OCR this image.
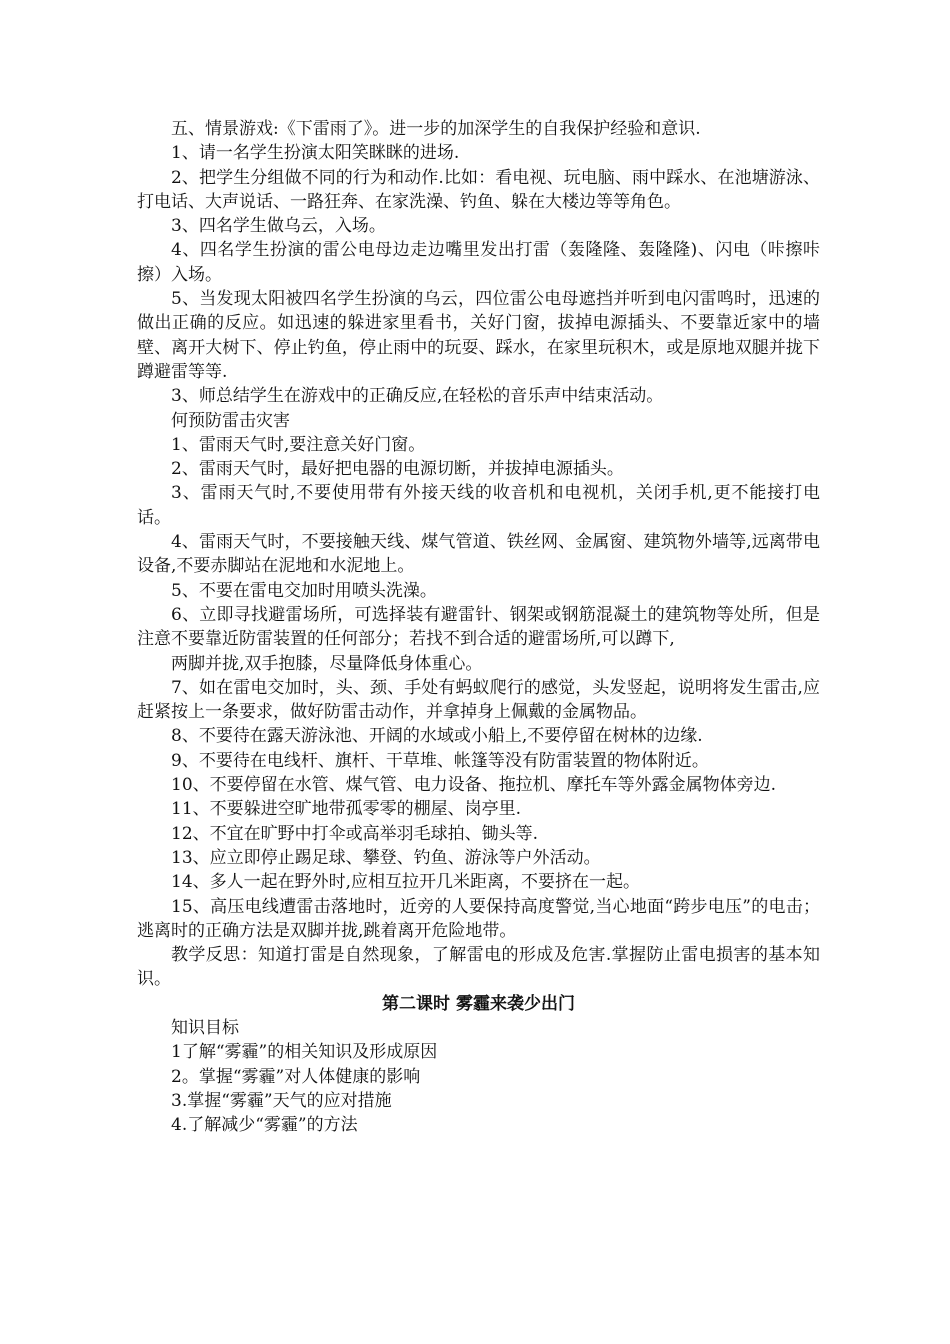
五、情景游戏:《下雷雨了》。进一步的加深学生的自我保护经验和意识.

1、请一名学生扮演太阳笑眯眯的进场.

2、把学生分组做不同的行为和动作.比如：看电视、玩电脑、雨中踩水、在池塘游泳、打电话、大声说话、一路狂奔、在家洗澡、钓鱼、躲在大楼边等等角色。

3、四名学生做乌云，入场。

4、四名学生扮演的雷公电母边走边嘴里发出打雷（轰隆隆、轰隆隆)、闪电（咔擦咔擦）入场。

5、当发现太阳被四名学生扮演的乌云，四位雷公电母遮挡并听到电闪雷鸣时，迅速的做出正确的反应。如迅速的躲进家里看书，关好门窗，拔掉电源插头、不要靠近家中的墙壁、离开大树下、停止钓鱼，停止雨中的玩耍、踩水，在家里玩积木，或是原地双腿并拢下蹲避雷等等.

3、师总结学生在游戏中的正确反应,在轻松的音乐声中结束活动。

何预防雷击灾害

1、雷雨天气时,要注意关好门窗。

2、雷雨天气时，最好把电器的电源切断，并拔掉电源插头。

3、雷雨天气时,不要使用带有外接天线的收音机和电视机，关闭手机,更不能接打电话。

4、雷雨天气时，不要接触天线、煤气管道、铁丝网、金属窗、建筑物外墙等,远离带电设备,不要赤脚站在泥地和水泥地上。

5、不要在雷电交加时用喷头洗澡。

6、立即寻找避雷场所，可选择装有避雷针、钢架或钢筋混凝土的建筑物等处所，但是注意不要靠近防雷装置的任何部分；若找不到合适的避雷场所,可以蹲下,

两脚并拢,双手抱膝，尽量降低身体重心。

7、如在雷电交加时，头、颈、手处有蚂蚁爬行的感觉，头发竖起，说明将发生雷击,应赶紧按上一条要求，做好防雷击动作，并拿掉身上佩戴的金属物品。

8、不要待在露天游泳池、开阔的水域或小船上,不要停留在树林的边缘.

9、不要待在电线杆、旗杆、干草堆、帐篷等没有防雷装置的物体附近。

10、不要停留在水管、煤气管、电力设备、拖拉机、摩托车等外露金属物体旁边.

11、不要躲进空旷地带孤零零的棚屋、岗亭里.

12、不宜在旷野中打伞或高举羽毛球拍、锄头等.

13、应立即停止踢足球、攀登、钓鱼、游泳等户外活动。

14、多人一起在野外时,应相互拉开几米距离，不要挤在一起。

15、高压电线遭雷击落地时，近旁的人要保持高度警觉,当心地面“跨步电压”的电击；逃离时的正确方法是双脚并拢,跳着离开危险地带。

教学反思：知道打雷是自然现象，了解雷电的形成及危害.掌握防止雷电损害的基本知识。

第二课时 雾霾来袭少出门

知识目标

1了解“雾霾”的相关知识及形成原因

2。掌握“雾霾”对人体健康的影响

3.掌握“雾霾”天气的应对措施

4.了解减少“雾霾”的方法
